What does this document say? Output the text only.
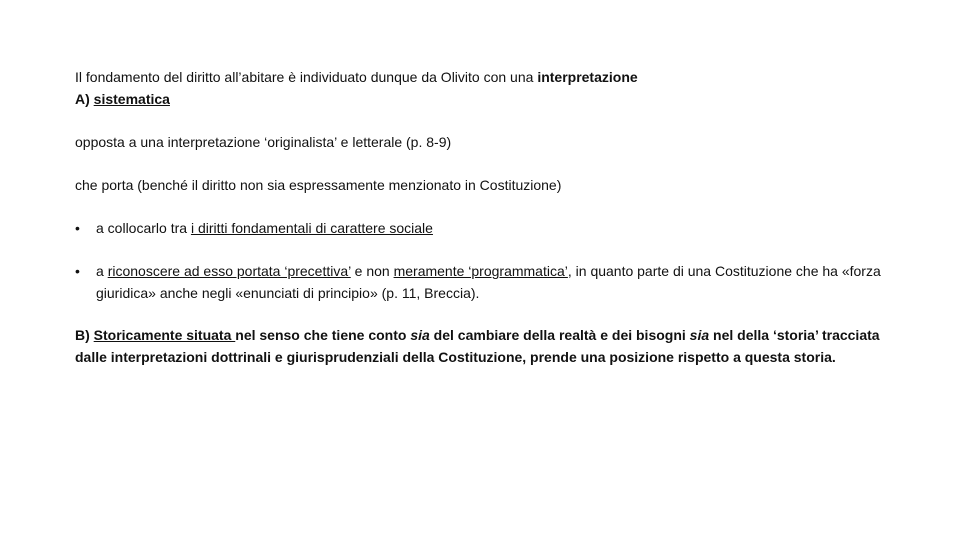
Il fondamento del diritto all’abitare è individuato dunque da Olivito con una interpretazione
A) sistematica

opposta a una interpretazione ‘originalista’ e letterale (p. 8-9)

che porta (benché il diritto non sia espressamente menzionato in Costituzione)

•	a collocarlo tra i diritti fondamentali di carattere sociale
•	a riconoscere ad esso portata ‘precettiva’ e non meramente ‘programmatica’, in quanto parte di una Costituzione che ha «forza giuridica» anche negli «enunciati di principio» (p. 11, Breccia).

B) Storicamente situata nel senso che tiene conto sia del cambiare della realtà e dei bisogni sia nel della ‘storia’ tracciata dalle interpretazioni dottrinali e giurisprudenziali della Costituzione, prende una posizione rispetto a questa storia.
